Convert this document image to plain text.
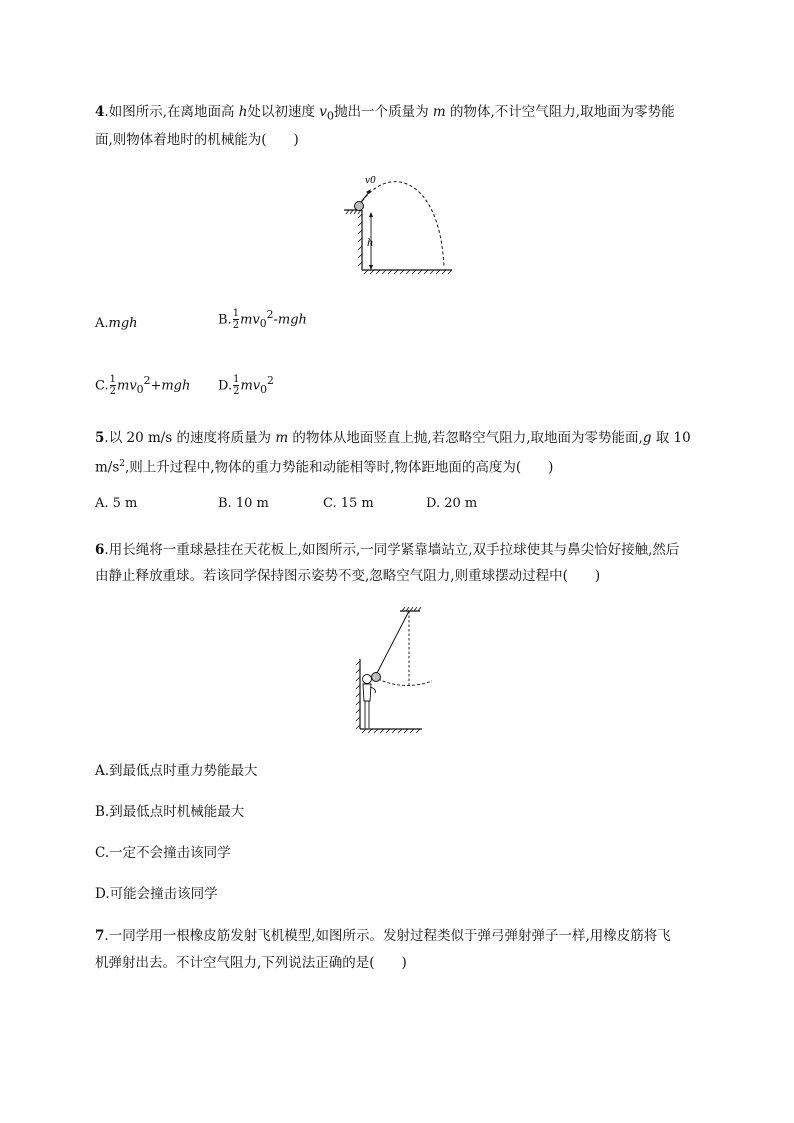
4.如图所示,在离地面高 h处以初速度 $v_0$抛出一个质量为 m 的物体,不计空气阻力,取地面为零势能
面,则物体着地时的机械能为(　　)
v0
h
A.mgh	B. $\frac{1}{2} mv_0^2-mgh$
C. $\frac{1}{2} mv_0^2+mgh$ D. $\frac{1}{2} mv_0^2$
5.以 20 m/s 的速度将质量为 m 的物体从地面竖直上抛,若忽略空气阻力,取地面为零势能面,g 取 10
$m/s^2$,则上升过程中,物体的重力势能和动能相等时,物体距地面的高度为(　　)
A. 5 m	B. 10 m	C. 15 m	D. 20 m
6.用长绳将一重球悬挂在天花板上,如图所示,一同学紧靠墙站立,双手拉球使其与鼻尖恰好接触,然后
由静止释放重球。若该同学保持图示姿势不变,忽略空气阻力,则重球摆动过程中(　　)
A.到最低点时重力势能最大
B.到最低点时机械能最大
C.一定不会撞击该同学
D.可能会撞击该同学
7.一同学用一根橡皮筋发射飞机模型,如图所示。发射过程类似于弹弓弹射弹子一样,用橡皮筋将飞
机弹射出去。不计空气阻力,下列说法正确的是(　　)
